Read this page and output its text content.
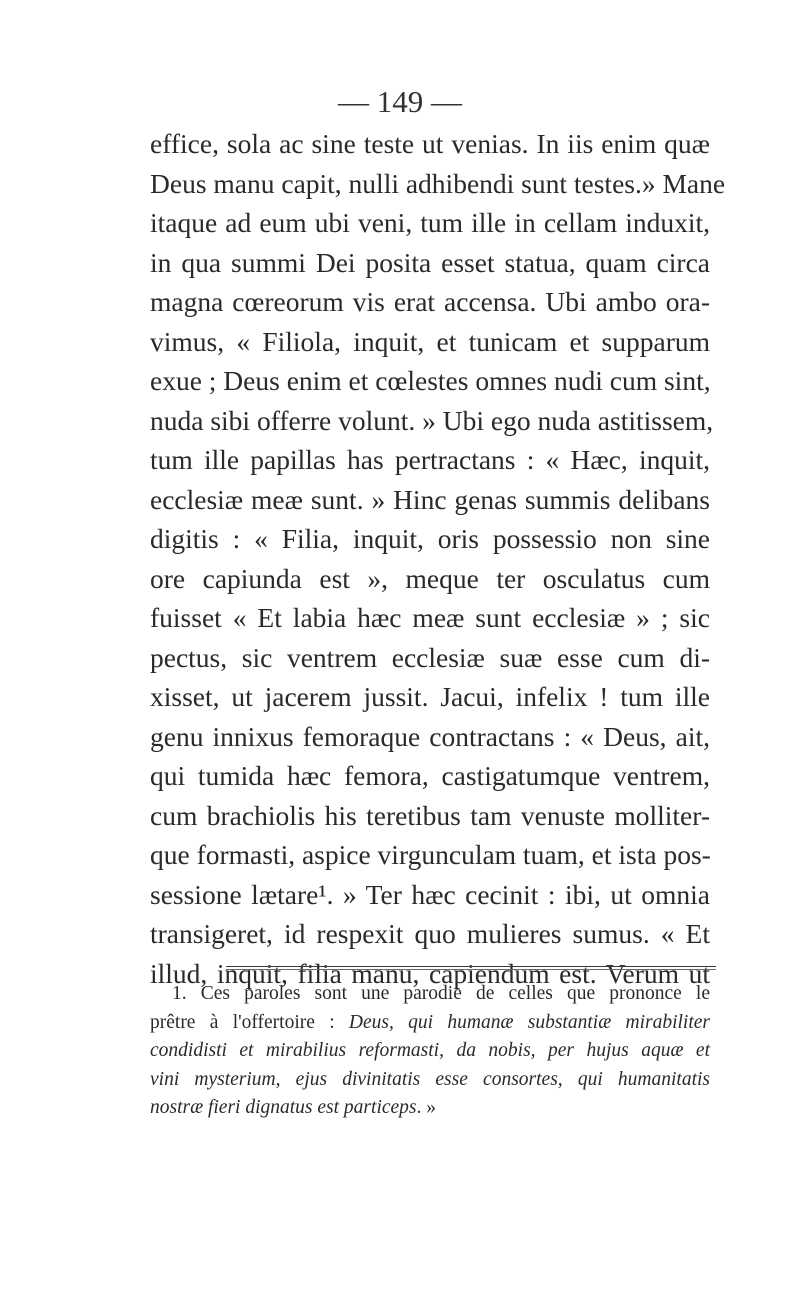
— 149 —
effice, sola ac sine teste ut venias. In iis enim quæ
Deus manu capit, nulli adhibendi sunt testes.» Mane
itaque ad eum ubi veni, tum ille in cellam induxit,
in qua summi Dei posita esset statua, quam circa
magna cœreorum vis erat accensa. Ubi ambo ora-
vimus, « Filiola, inquit, et tunicam et supparum
exue ; Deus enim et cœlestes omnes nudi cum sint,
nuda sibi offerre volunt. » Ubi ego nuda astitissem,
tum ille papillas has pertractans : « Hæc, inquit,
ecclesiæ meæ sunt. » Hinc genas summis delibans
digitis : « Filia, inquit, oris possessio non sine
ore capiunda est », meque ter osculatus cum
fuisset « Et labia hæc meæ sunt ecclesiæ » ; sic
pectus, sic ventrem ecclesiæ suæ esse cum di-
xisset, ut jacerem jussit. Jacui, infelix ! tum ille
genu innixus femoraque contractans : « Deus, ait,
qui tumida hæc femora, castigatumque ventrem,
cum brachiolis his teretibus tam venuste molliter-
que formasti, aspice virgunculam tuam, et ista pos-
sessione lætare¹. » Ter hæc cecinit : ibi, ut omnia
transigeret, id respexit quo mulieres sumus. « Et
illud, inquit, filia manu, capiendum est. Verum ut
1. Ces paroles sont une parodie de celles que prononce le
prêtre à l'offertoire : Deus, qui humanæ substantiæ mirabiliter
condidisti et mirabilius reformasti, da nobis, per hujus aquæ et
vini mysterium, ejus divinitatis esse consortes, qui humanitatis
nostræ fieri dignatus est particeps. »
